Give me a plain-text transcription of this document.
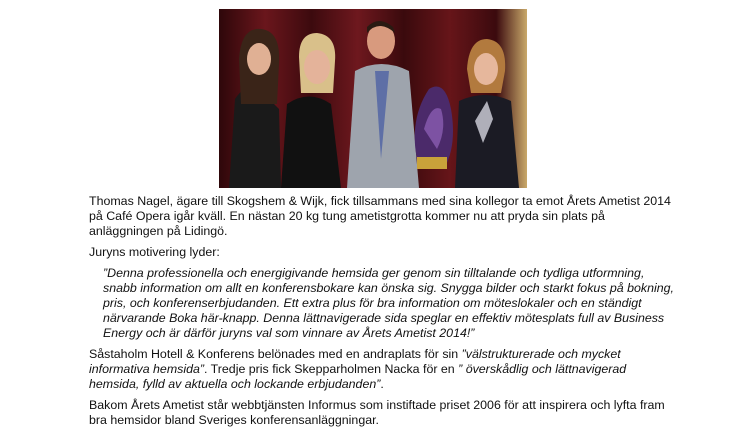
Thomas Nagel, ägare till Skogshem & Wijk, fick tillsammans med sina kollegor ta emot Årets Ametist 2014 på Café Opera igår kväll. En nästan 20 kg tung ametistgrotta kommer nu att pryda sin plats på anläggningen på Lidingö.

Juryns motivering lyder:

”Denna professionella och energigivande hemsida ger genom sin tilltalande och tydliga utformning, snabb information om allt en konferensbokare kan önska sig. Snygga bilder och starkt fokus på bokning, pris, och konferenserbjudanden. Ett extra plus för bra information om möteslokaler och en ständigt närvarande Boka här-knapp. Denna lättnavigerade sida speglar en effektiv mötesplats full av Business Energy och är därför juryns val som vinnare av Årets Ametist 2014!”

Såstaholm Hotell & Konferens belönades med en andraplats för sin ”välstrukturerade och mycket informativa hemsida”. Tredje pris fick Skepparholmen Nacka för en ” överskådlig och lättnavigerad hemsida, fylld av aktuella och lockande erbjudanden”.

Bakom Årets Ametist står webbtjänsten Informus som instiftade priset 2006 för att inspirera och lyfta fram bra hemsidor bland Sveriges konferensanläggningar.
